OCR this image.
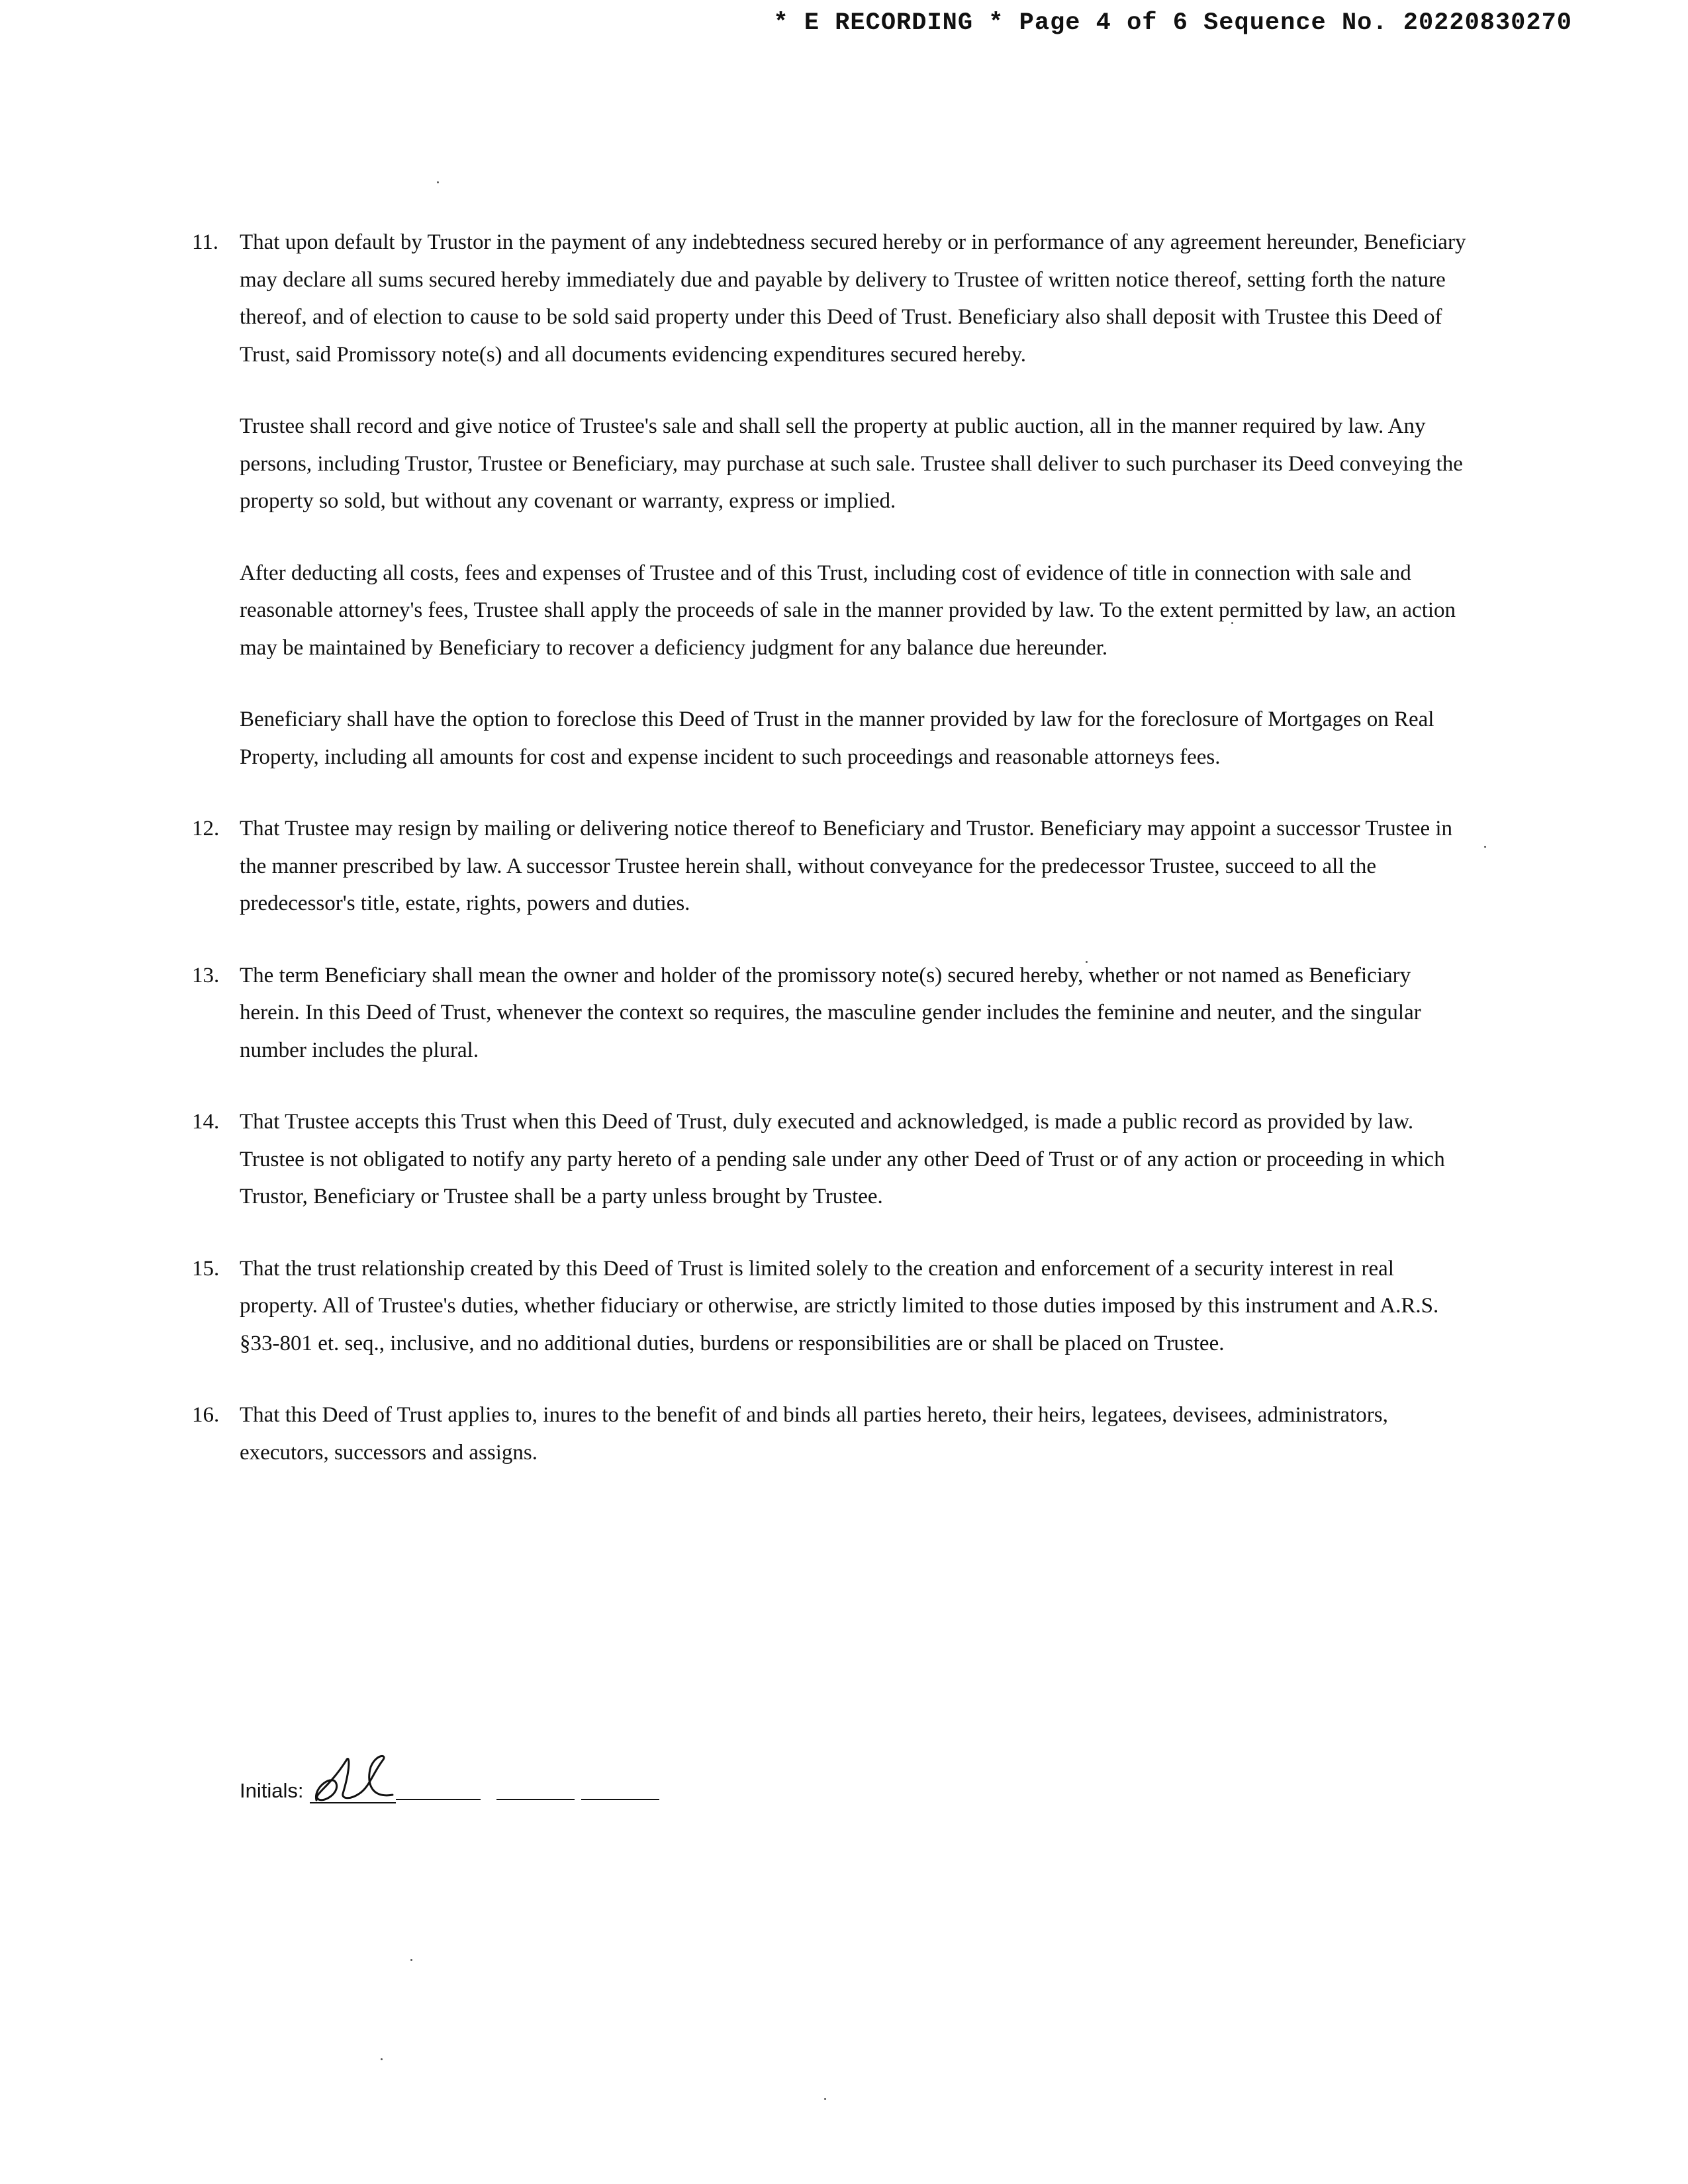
* E RECORDING * Page 4 of 6 Sequence No. 20220830270
11. That upon default by Trustor in the payment of any indebtedness secured hereby or in performance of any agreement hereunder, Beneficiary may declare all sums secured hereby immediately due and payable by delivery to Trustee of written notice thereof, setting forth the nature thereof, and of election to cause to be sold said property under this Deed of Trust. Beneficiary also shall deposit with Trustee this Deed of Trust, said Promissory note(s) and all documents evidencing expenditures secured hereby.

Trustee shall record and give notice of Trustee's sale and shall sell the property at public auction, all in the manner required by law. Any persons, including Trustor, Trustee or Beneficiary, may purchase at such sale. Trustee shall deliver to such purchaser its Deed conveying the property so sold, but without any covenant or warranty, express or implied.

After deducting all costs, fees and expenses of Trustee and of this Trust, including cost of evidence of title in connection with sale and reasonable attorney's fees, Trustee shall apply the proceeds of sale in the manner provided by law. To the extent permitted by law, an action may be maintained by Beneficiary to recover a deficiency judgment for any balance due hereunder.

Beneficiary shall have the option to foreclose this Deed of Trust in the manner provided by law for the foreclosure of Mortgages on Real Property, including all amounts for cost and expense incident to such proceedings and reasonable attorneys fees.

12. That Trustee may resign by mailing or delivering notice thereof to Beneficiary and Trustor. Beneficiary may appoint a successor Trustee in the manner prescribed by law. A successor Trustee herein shall, without conveyance for the predecessor Trustee, succeed to all the predecessor's title, estate, rights, powers and duties.

13. The term Beneficiary shall mean the owner and holder of the promissory note(s) secured hereby, whether or not named as Beneficiary herein. In this Deed of Trust, whenever the context so requires, the masculine gender includes the feminine and neuter, and the singular number includes the plural.

14. That Trustee accepts this Trust when this Deed of Trust, duly executed and acknowledged, is made a public record as provided by law. Trustee is not obligated to notify any party hereto of a pending sale under any other Deed of Trust or of any action or proceeding in which Trustor, Beneficiary or Trustee shall be a party unless brought by Trustee.

15. That the trust relationship created by this Deed of Trust is limited solely to the creation and enforcement of a security interest in real property. All of Trustee's duties, whether fiduciary or otherwise, are strictly limited to those duties imposed by this instrument and A.R.S. §33-801 et. seq., inclusive, and no additional duties, burdens or responsibilities are or shall be placed on Trustee.

16. That this Deed of Trust applies to, inures to the benefit of and binds all parties hereto, their heirs, legatees, devisees, administrators, executors, successors and assigns.

Initials:
